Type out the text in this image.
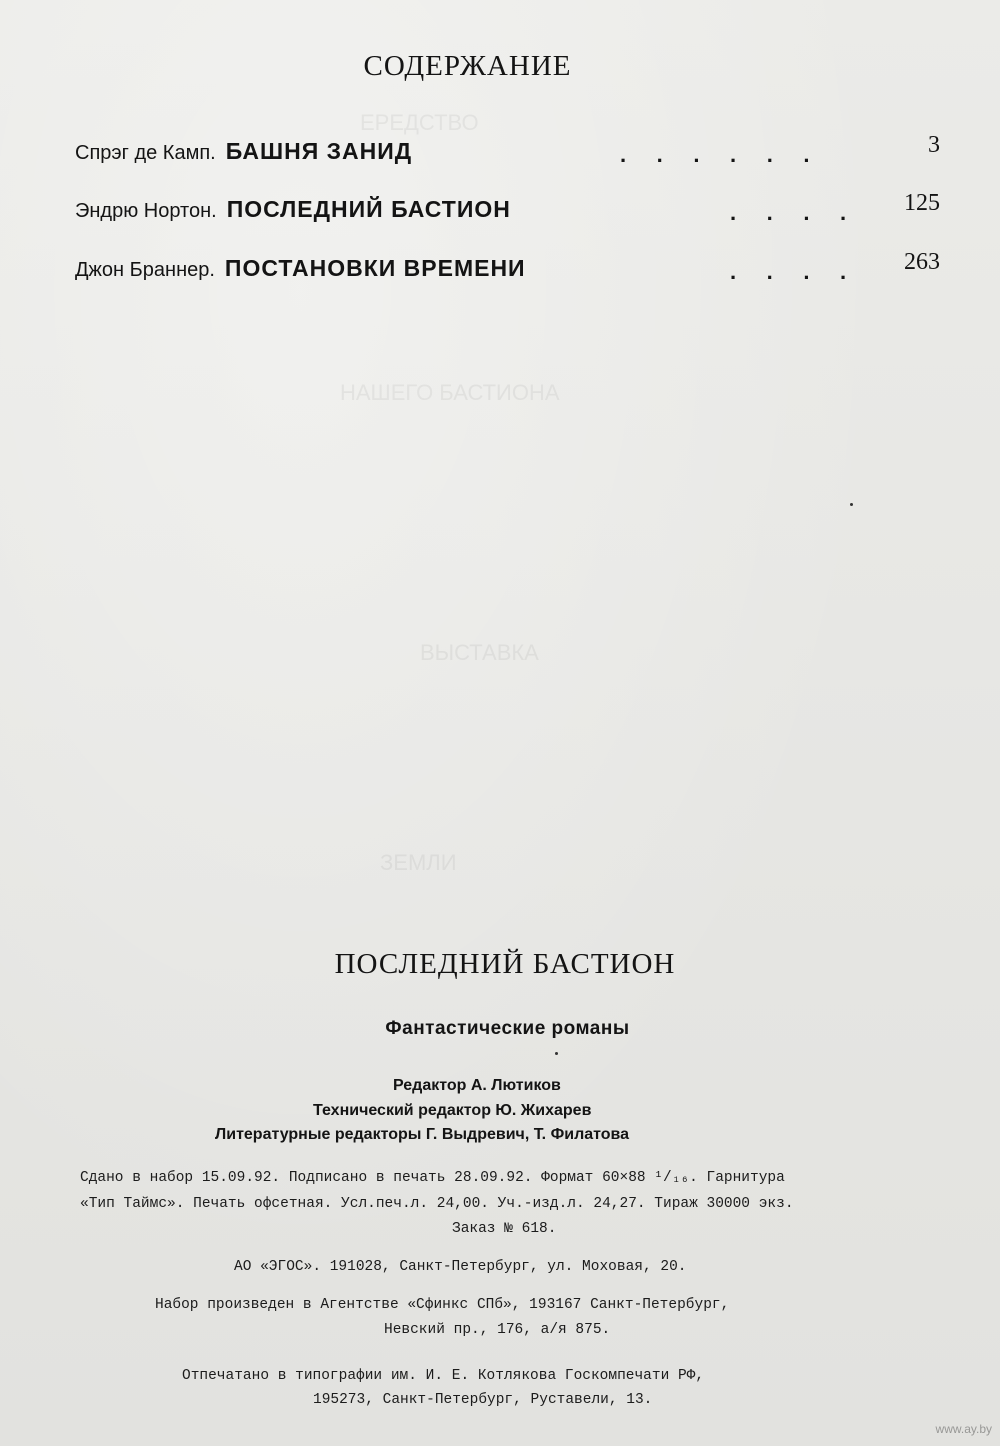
ЕРЕДСТВО
НАШЕГО БАСТИОНА
ВЫСТАВКА
ЗЕМЛИ
СОДЕРЖАНИЕ
Спрэг де Камп. БАШНЯ ЗАНИД	.     .     .     .     .     .	3
Эндрю Нортон. ПОСЛЕДНИЙ БАСТИОН	.     .     .     . 125
Джон Браннер. ПОСТАНОВКИ ВРЕМЕНИ	.     .     .     . 263
ПОСЛЕДНИЙ БАСТИОН
Фантастические романы
Редактор А. Лютиков
Технический редактор Ю. Жихарев
Литературные редакторы Г. Выдревич, Т. Филатова
Сдано в набор 15.09.92. Подписано в печать 28.09.92. Формат 60×88 ¹/₁₆. Гарнитура
«Тип Таймс». Печать офсетная. Усл.печ.л. 24,00. Уч.-изд.л. 24,27. Тираж 30000 экз.
Заказ № 618.
АО «ЭГОС». 191028, Санкт-Петербург, ул. Моховая, 20.
Набор произведен в Агентстве «Сфинкс СПб», 193167 Санкт-Петербург,
Невский пр., 176, а/я 875.
Отпечатано в типографии им. И. Е. Котлякова Госкомпечати РФ,
195273, Санкт-Петербург, Руставели, 13.
www.ay.by
